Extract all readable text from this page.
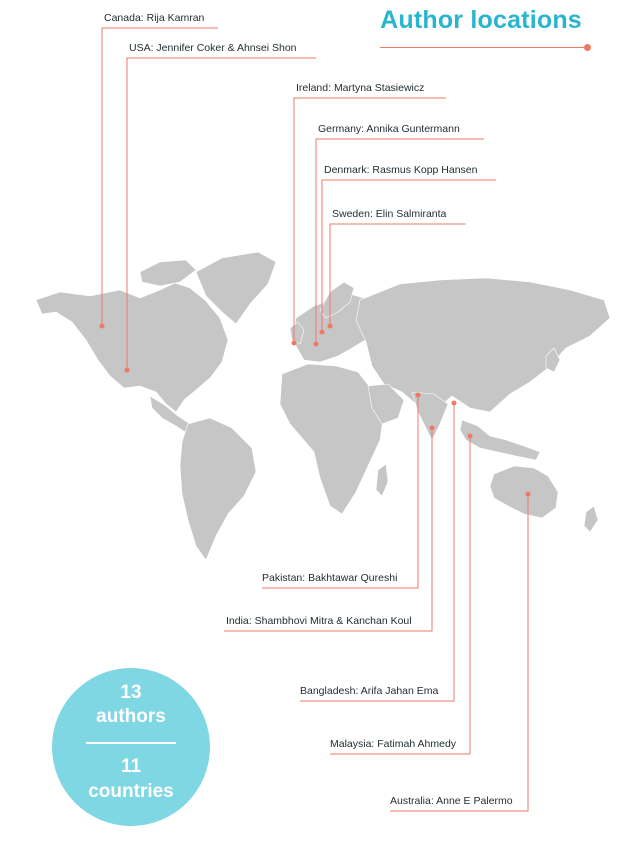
Author locations
Canada: Rija Kamran
USA: Jennifer Coker & Ahnsei Shon
Ireland: Martyna Stasiewicz
Germany: Annika Guntermann
Denmark: Rasmus Kopp Hansen
Sweden: Elin Salmiranta
Pakistan: Bakhtawar Qureshi
India: Shambhovi Mitra & Kanchan Koul
Bangladesh: Arifa Jahan Ema
Malaysia: Fatimah Ahmedy
Australia: Anne E Palermo
13
authors
11
countries
